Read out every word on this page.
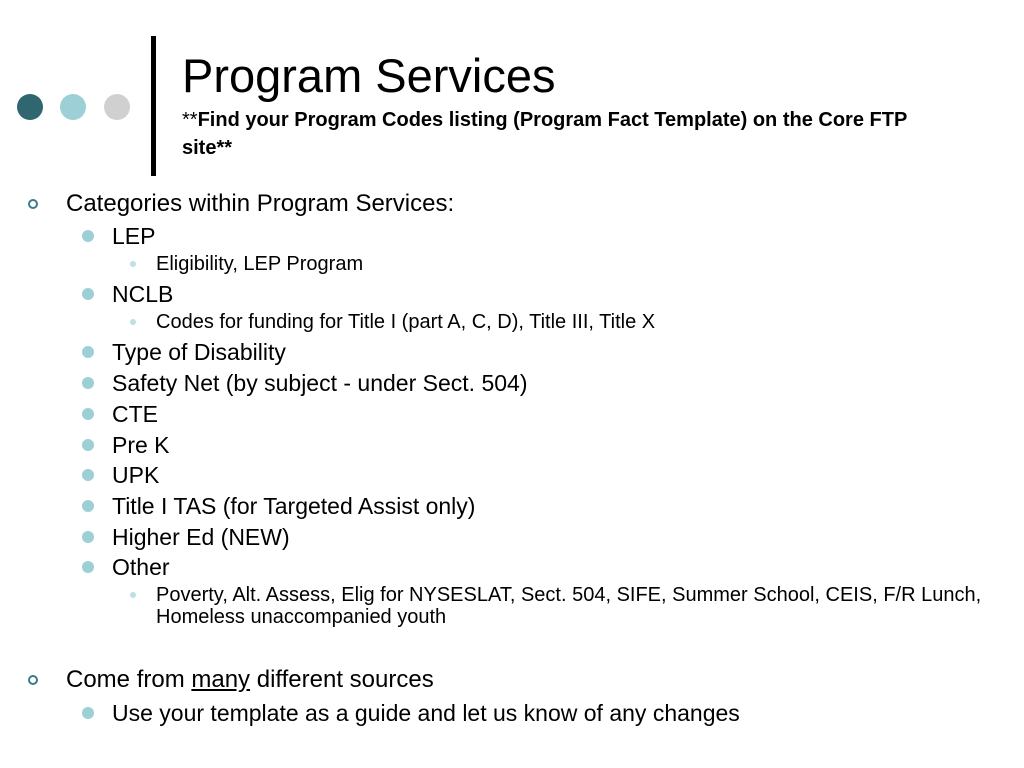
Program Services
**Find your Program Codes listing (Program Fact Template) on the Core FTP site**
Categories within Program Services:
LEP
Eligibility, LEP Program
NCLB
Codes for funding for Title I (part A, C, D), Title III, Title X
Type of Disability
Safety Net (by subject - under Sect. 504)
CTE
Pre K
UPK
Title I TAS (for Targeted Assist only)
Higher Ed (NEW)
Other
Poverty, Alt. Assess, Elig for NYSESLAT, Sect. 504, SIFE, Summer School, CEIS, F/R Lunch, Homeless unaccompanied youth
Come from many different sources
Use your template as a guide and let us know of any changes
